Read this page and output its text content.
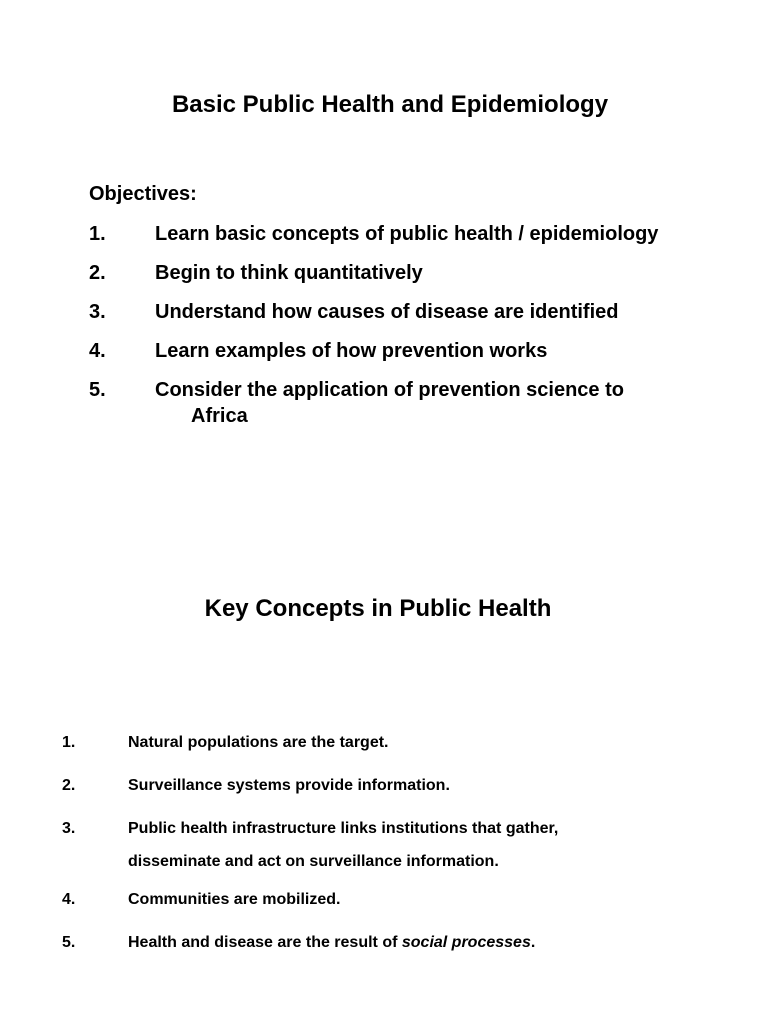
Basic Public Health and Epidemiology
Objectives:
1.	Learn basic concepts of public health / epidemiology
2.	Begin to think quantitatively
3.	Understand how causes of disease are identified
4.	Learn examples of how prevention works
5.	Consider the application of prevention science to
Africa
Key Concepts in Public Health
1.	Natural populations are the target.
2.	Surveillance systems provide information.
3.	Public health infrastructure links institutions that gather,
disseminate and act on surveillance information.
4.	Communities are mobilized.
5.	Health and disease are the result of social processes.
